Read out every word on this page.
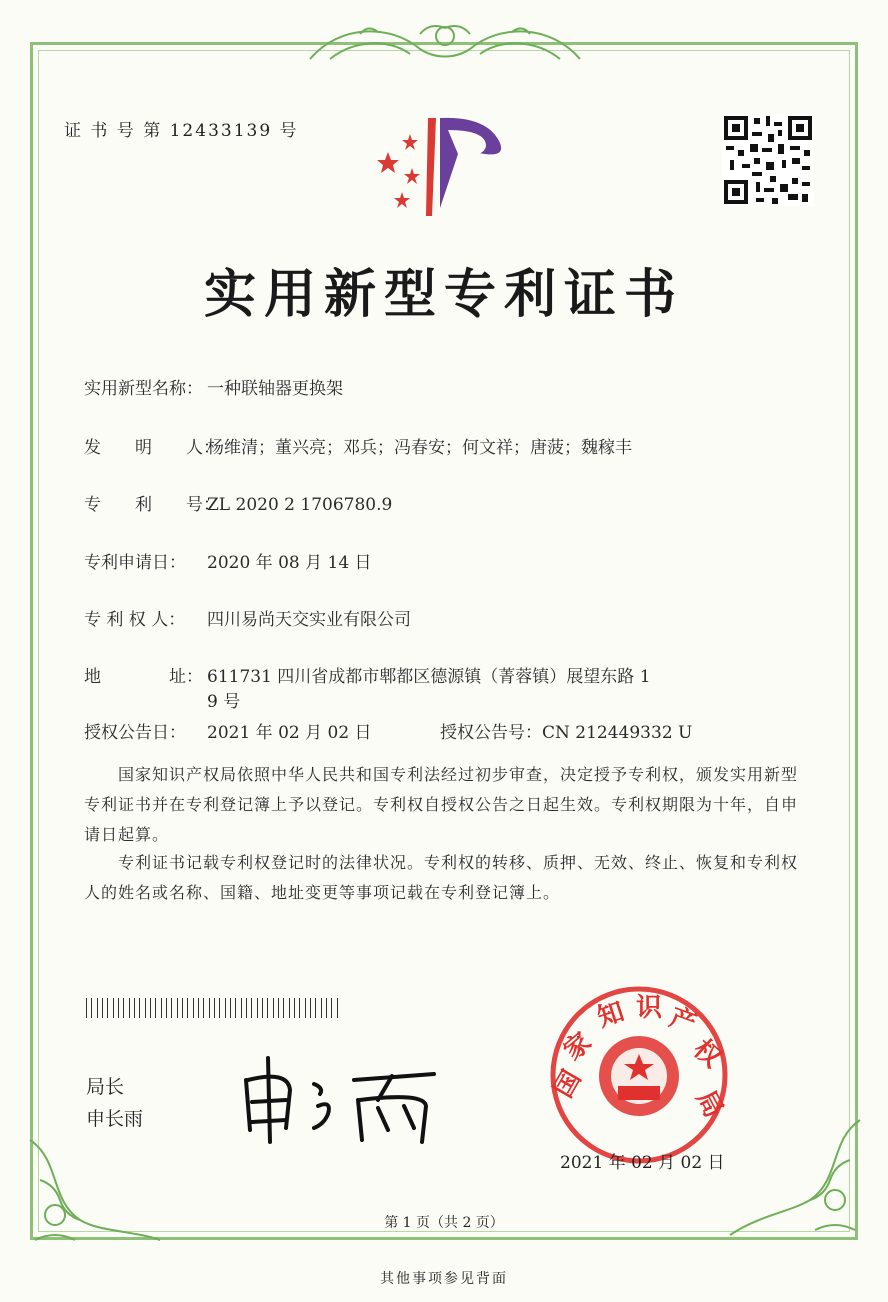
证 书 号 第 12433139 号
实用新型专利证书
实用新型名称： 一种联轴器更换架
发　　明　　人：杨维清；董兴亮；邓兵；冯春安；何文祥；唐菠；魏稼丰
专　　利　　号：ZL 2020 2 1706780.9
专利申请日： 2020 年 08 月 14 日
专 利 权 人： 四川易尚天交实业有限公司
地　　　　址： 611731 四川省成都市郫都区德源镇（菁蓉镇）展望东路 1
9 号
授权公告日： 2021 年 02 月 02 日	授权公告号：CN 212449332 U
国家知识产权局依照中华人民共和国专利法经过初步审查，决定授予专利权，颁发实用新型专利证书并在专利登记簿上予以登记。专利权自授权公告之日起生效。专利权期限为十年，自申请日起算。
专利证书记载专利权登记时的法律状况。专利权的转移、质押、无效、终止、恢复和专利权人的姓名或名称、国籍、地址变更等事项记载在专利登记簿上。
局长
申长雨
国
家
知 识 产
权
局
2021 年 02 月 02 日
第 1 页（共 2 页）
其他事项参见背面
